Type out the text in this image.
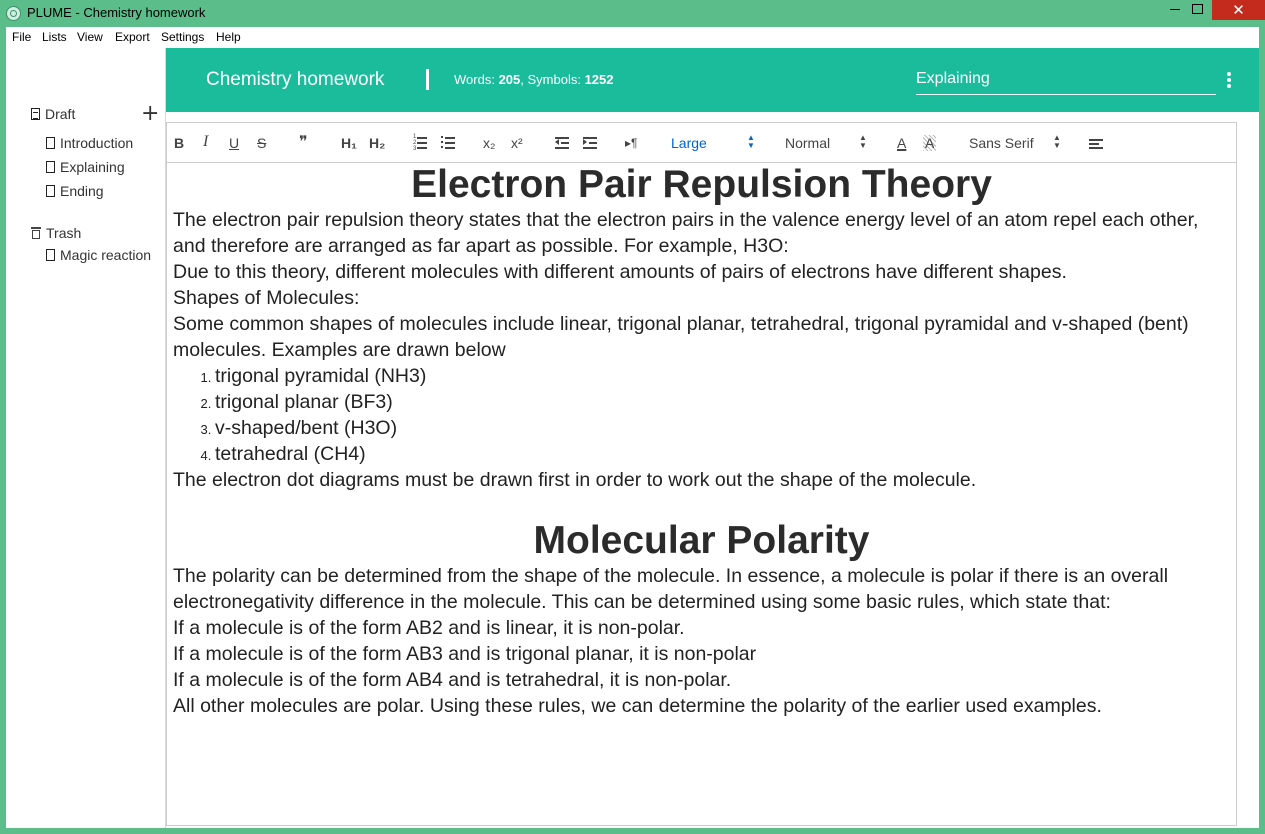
PLUME - Chemistry homework	✕
File Lists View Export Settings Help
Draft	+
Introduction
Explaining
Ending
Trash
Magic reaction
Chemistry homework	Words: 205, Symbols: 1252	Explaining
B I U S ❞ H₁ H₂	1
2
3	x₂ x²	▸¶ Large	▲
▼ Normal	▲
▼ A A Sans Serif ▲
▼
Electron Pair Repulsion Theory

The electron pair repulsion theory states that the electron pairs in the valence energy level of an atom repel each other, and therefore are arranged as far apart as possible. For example, H3O:

Due to this theory, different molecules with different amounts of pairs of electrons have different shapes.

Shapes of Molecules:

Some common shapes of molecules include linear, trigonal planar, tetrahedral, trigonal pyramidal and v-shaped (bent) molecules. Examples are drawn below

1. trigonal pyramidal (NH3)
2. trigonal planar (BF3)
3. v-shaped/bent (H3O)
4. tetrahedral (CH4)

The electron dot diagrams must be drawn first in order to work out the shape of the molecule.

Molecular Polarity

The polarity can be determined from the shape of the molecule. In essence, a molecule is polar if there is an overall electronegativity difference in the molecule. This can be determined using some basic rules, which state that:

If a molecule is of the form AB2 and is linear, it is non-polar.

If a molecule is of the form AB3 and is trigonal planar, it is non-polar

If a molecule is of the form AB4 and is tetrahedral, it is non-polar.

All other molecules are polar. Using these rules, we can determine the polarity of the earlier used examples.
